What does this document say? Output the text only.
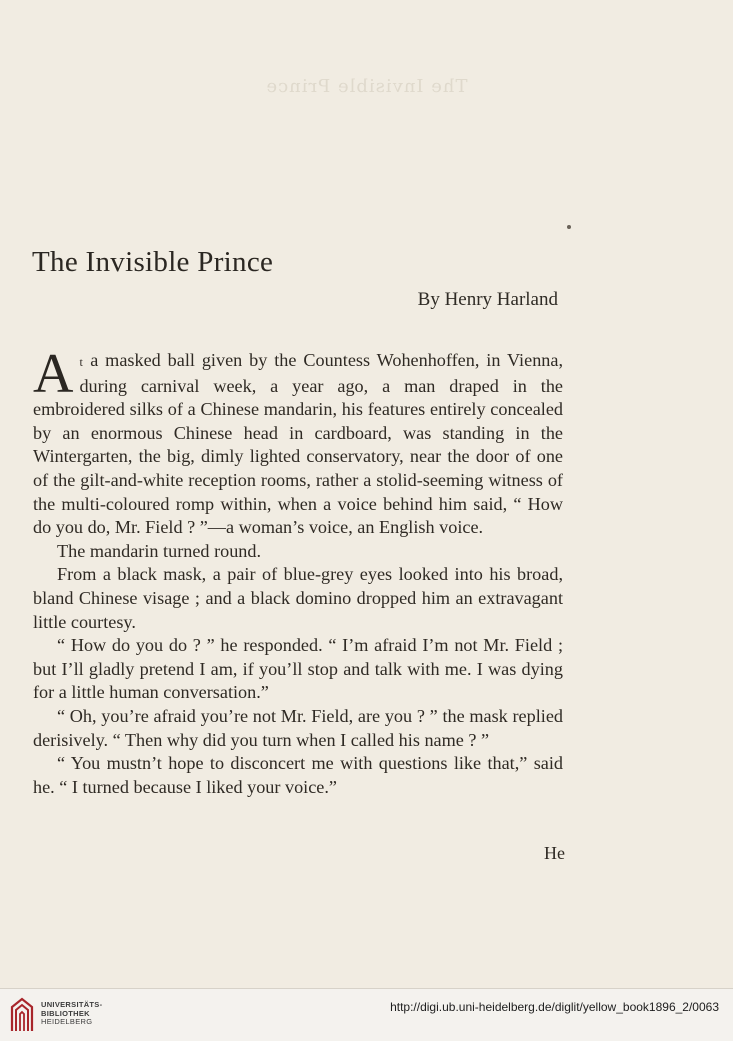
The Invisible Prince
The Invisible Prince

By Henry Harland

At a masked ball given by the Countess Wohenhoffen, in Vienna, during carnival week, a year ago, a man draped in the embroidered silks of a Chinese mandarin, his features entirely concealed by an enormous Chinese head in cardboard, was standing in the Wintergarten, the big, dimly lighted conservatory, near the door of one of the gilt-and-white reception rooms, rather a stolid-seeming witness of the multi-coloured romp within, when a voice behind him said, “ How do you do, Mr. Field ? ”—a woman’s voice, an English voice.

The mandarin turned round.

From a black mask, a pair of blue-grey eyes looked into his broad, bland Chinese visage ; and a black domino dropped him an extravagant little courtesy.

“ How do you do ? ” he responded. “ I’m afraid I’m not Mr. Field ; but I’ll gladly pretend I am, if you’ll stop and talk with me. I was dying for a little human conversation.”

“ Oh, you’re afraid you’re not Mr. Field, are you ? ” the mask replied derisively. “ Then why did you turn when I called his name ? ”

“ You mustn’t hope to disconcert me with questions like that,” said he. “ I turned because I liked your voice.”

He
UNIVERSITÄTS-
BIBLIOTHEK
HEIDELBERG
http://digi.ub.uni-heidelberg.de/diglit/yellow_book1896_2/0063
